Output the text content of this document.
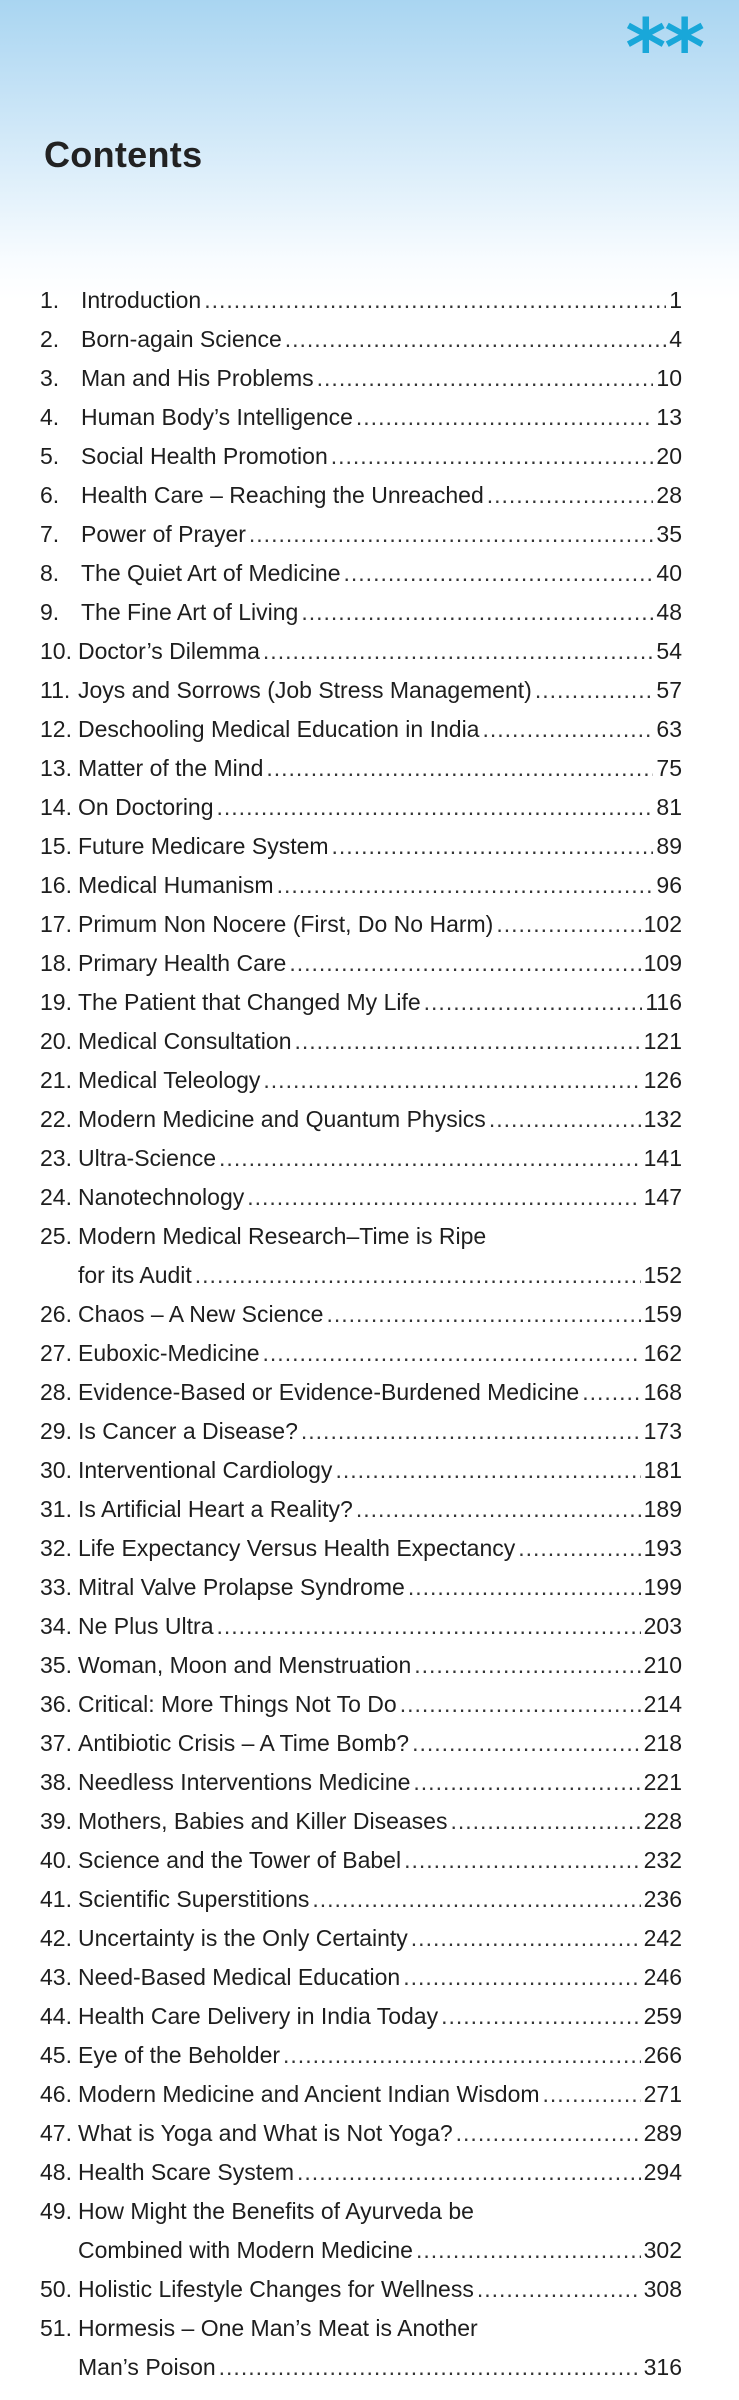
**
Contents
1. Introduction .....	1
2. Born-again Science .....	4
3. Man and His Problems .....	10
4. Human Body’s Intelligence .....	13
5. Social Health Promotion .....	20
6. Health Care – Reaching the Unreached .....	28
7. Power of Prayer .....	35
8. The Quiet Art of Medicine .....	40
9. The Fine Art of Living .....	48
10. Doctor’s Dilemma .....	54
11. Joys and Sorrows (Job Stress Management) .....	57
12. Deschooling Medical Education in India .....	63
13. Matter of the Mind .....	75
14. On Doctoring .....	81
15. Future Medicare System .....	89
16. Medical Humanism .....	96
17. Primum Non Nocere (First, Do No Harm) .....	102
18. Primary Health Care .....	109
19. The Patient that Changed My Life .....	116
20. Medical Consultation .....	121
21. Medical Teleology .....	126
22. Modern Medicine and Quantum Physics .....	132
23. Ultra-Science .....	141
24. Nanotechnology .....	147
25. Modern Medical Research–Time is Ripe
for its Audit .....	152
26. Chaos – A New Science .....	159
27. Euboxic-Medicine .....	162
28. Evidence-Based or Evidence-Burdened Medicine .....	168
29. Is Cancer a Disease? .....	173
30. Interventional Cardiology .....	181
31. Is Artificial Heart a Reality? .....	189
32. Life Expectancy Versus Health Expectancy .....	193
33. Mitral Valve Prolapse Syndrome .....	199
34. Ne Plus Ultra .....	203
35. Woman, Moon and Menstruation .....	210
36. Critical: More Things Not To Do .....	214
37. Antibiotic Crisis – A Time Bomb? .....	218
38. Needless Interventions Medicine .....	221
39. Mothers, Babies and Killer Diseases .....	228
40. Science and the Tower of Babel .....	232
41. Scientific Superstitions .....	236
42. Uncertainty is the Only Certainty .....	242
43. Need-Based Medical Education .....	246
44. Health Care Delivery in India Today .....	259
45. Eye of the Beholder .....	266
46. Modern Medicine and Ancient Indian Wisdom .....	271
47. What is Yoga and What is Not Yoga? .....	289
48. Health Scare System .....	294
49. How Might the Benefits of Ayurveda be
Combined with Modern Medicine .....	302
50. Holistic Lifestyle Changes for Wellness .....	308
51. Hormesis – One Man’s Meat is Another
Man’s Poison .....	316
